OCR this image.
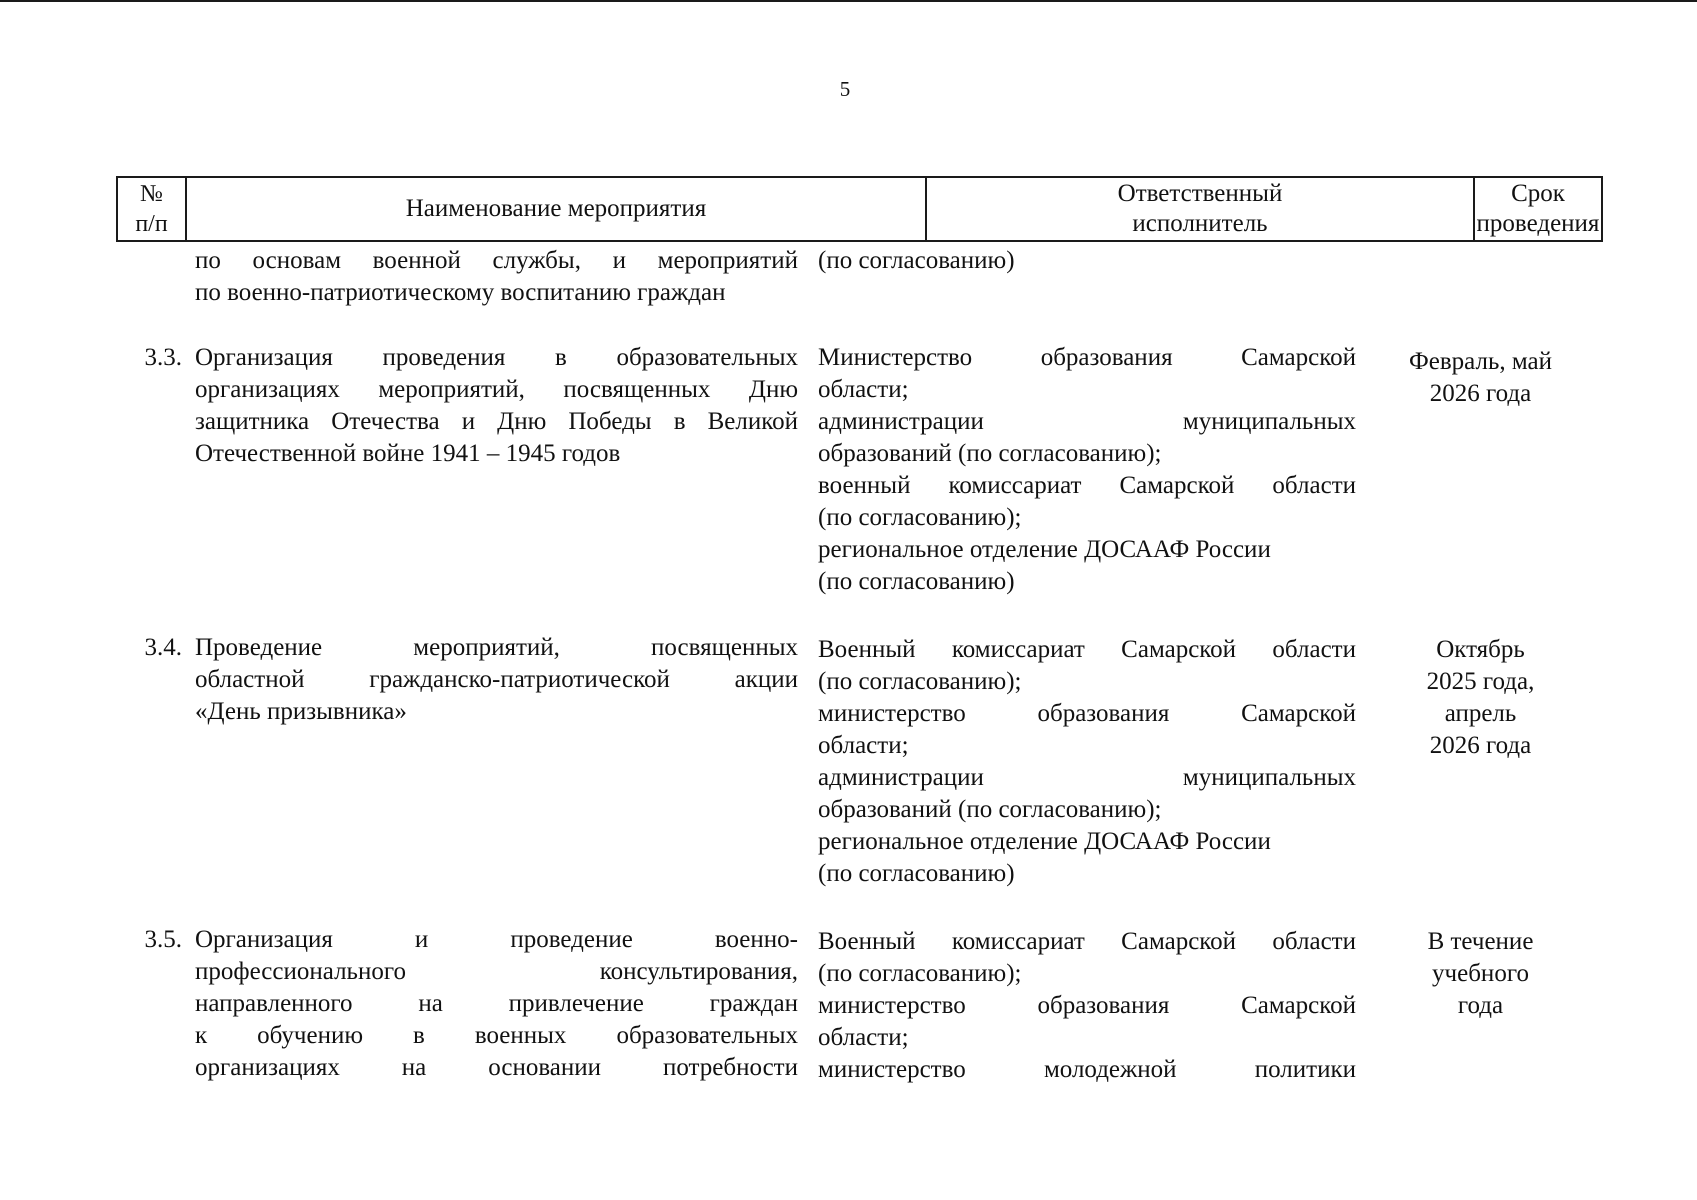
5
№
п/п
Наименование мероприятия
Ответственный
исполнитель
Срок
проведения
по основам военной службы, и мероприятий
по военно-патриотическому воспитанию граждан
(по согласованию)
3.3. Организация проведения в образовательных
организациях мероприятий, посвященных Дню
защитника Отечества и Дню Победы в Великой
Отечественной войне 1941 – 1945 годов
Министерство образования Самарской
области;
администрации муниципальных
образований (по согласованию);
военный комиссариат Самарской области
(по согласованию);
региональное отделение ДОСААФ России
(по согласованию)
Февраль, май
2026 года
3.4. Проведение мероприятий, посвященных
областной гражданско-патриотической акции
«День призывника»
Военный комиссариат Самарской области
(по согласованию);
министерство образования Самарской
области;
администрации муниципальных
образований (по согласованию);
региональное отделение ДОСААФ России
(по согласованию)
Октябрь
2025 года,
апрель
2026 года
3.5. Организация и проведение военно-
профессионального консультирования,
направленного на привлечение граждан
к обучению в военных образовательных
организациях на основании потребности
Военный комиссариат Самарской области
(по согласованию);
министерство образования Самарской
области;
министерство молодежной политики
В течение
учебного
года
